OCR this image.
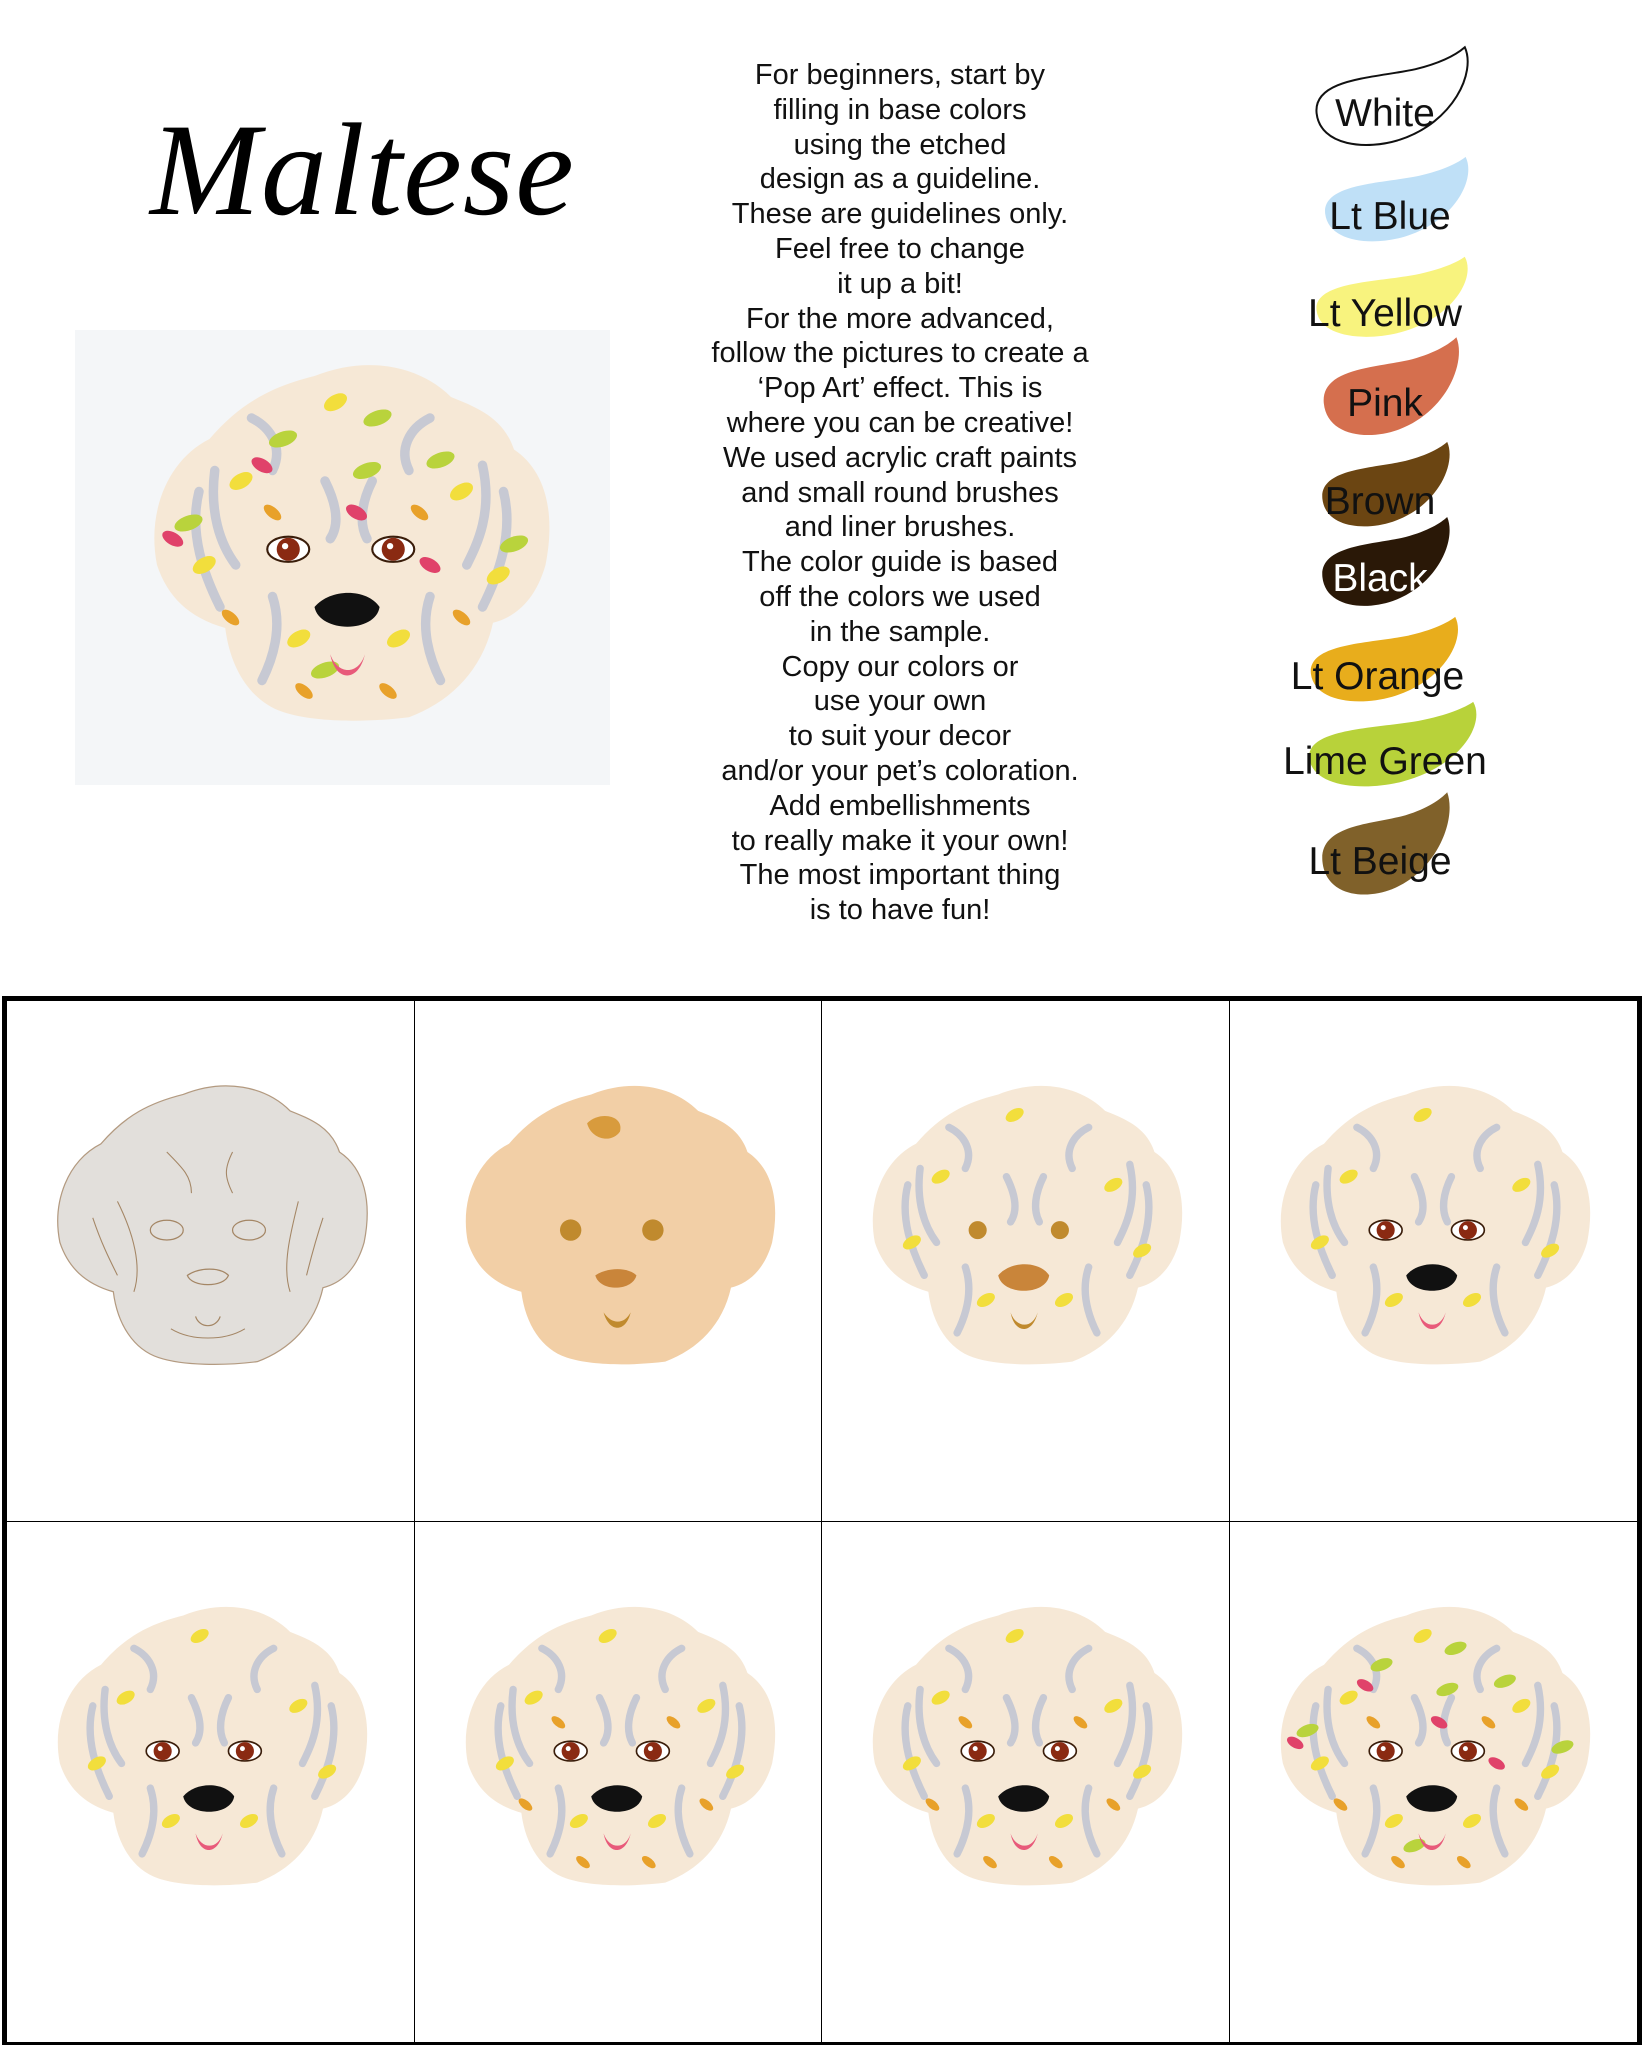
Maltese
For beginners, start by
filling in base colors
using the etched
design as a guideline.
These are guidelines only.
Feel free to change
it up a bit!
For the more advanced,
follow the pictures to create a
‘Pop Art’ effect. This is
where you can be creative!
We used acrylic craft paints
and small round brushes
and liner brushes.
The color guide is based
off the colors we used
in the sample.
Copy our colors or
use your own
to suit your decor
and/or your pet’s coloration.
Add embellishments
to really make it your own!
The most important thing
is to have fun!
White
Lt Blue
Lt Yellow
Pink
Brown
Black
Lt Orange
Lime Green
Lt Beige
